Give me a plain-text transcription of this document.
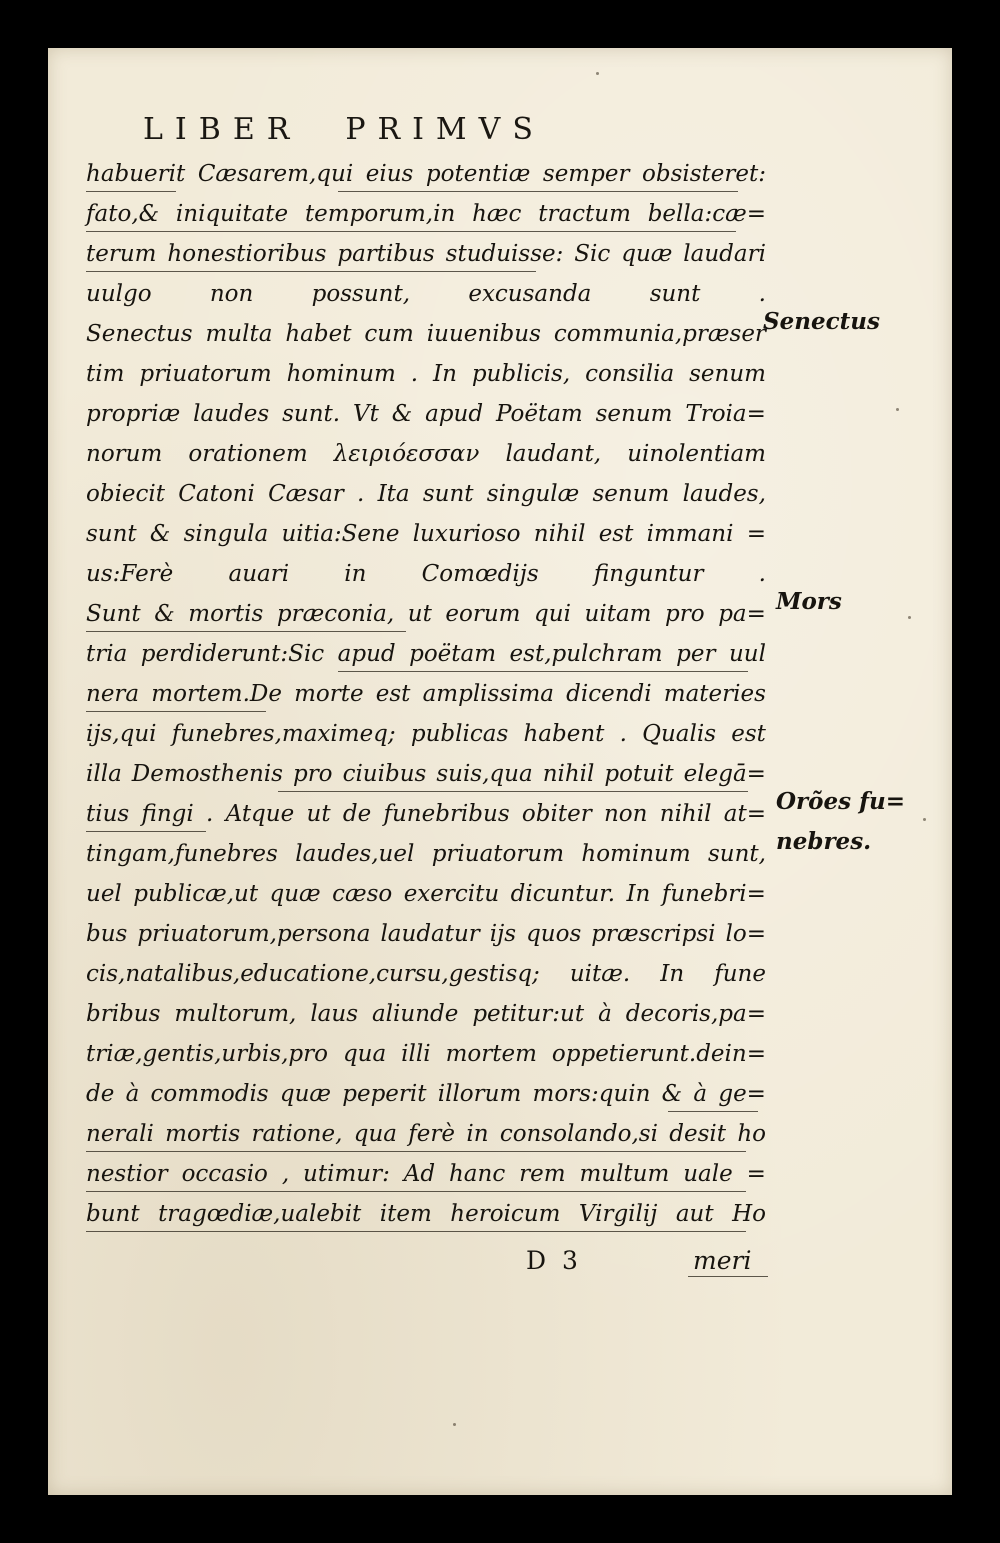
LIBER PRIMVS
habuerit Cæsarem,qui eius potentiæ semper obsisteret:
fato,& iniquitate temporum,in hæc tractum bella:cæ=
terum honestioribus partibus studuisse: Sic quæ laudari
uulgo non possunt, excusanda sunt .
Senectus multa habet cum iuuenibus communia,præser
tim priuatorum hominum . In publicis, consilia senum
propriæ laudes sunt. Vt & apud Poëtam senum Troia=
norum orationem λειριόεσσαν laudant, uinolentiam
obiecit Catoni Cæsar . Ita sunt singulæ senum laudes,
sunt & singula uitia:Sene luxurioso nihil est immani =
us:Ferè auari in Comœdijs finguntur .
Sunt & mortis præconia, ut eorum qui uitam pro pa=
tria perdiderunt:Sic apud poëtam est,pulchram per uul
nera mortem.De morte est amplissima dicendi materies
ijs,qui funebres,maximeq; publicas habent . Qualis est
illa Demosthenis pro ciuibus suis,qua nihil potuit elegā=
tius fingi . Atque ut de funebribus obiter non nihil at=
tingam,funebres laudes,uel priuatorum hominum sunt,
uel publicæ,ut quæ cæso exercitu dicuntur. In funebri=
bus priuatorum,persona laudatur ijs quos præscripsi lo=
cis,natalibus,educatione,cursu,gestisq; uitæ. In fune
bribus multorum, laus aliunde petitur:ut à decoris,pa=
triæ,gentis,urbis,pro qua illi mortem oppetierunt.dein=
de à commodis quæ peperit illorum mors:quin & à ge=
nerali mortis ratione, qua ferè in consolando,si desit ho
nestior occasio , utimur: Ad hanc rem multum uale =
bunt tragœdiæ,ualebit item heroicum Virgilij aut Ho
Senectus
Mors
Orões fu=
nebres.
D 3	meri
